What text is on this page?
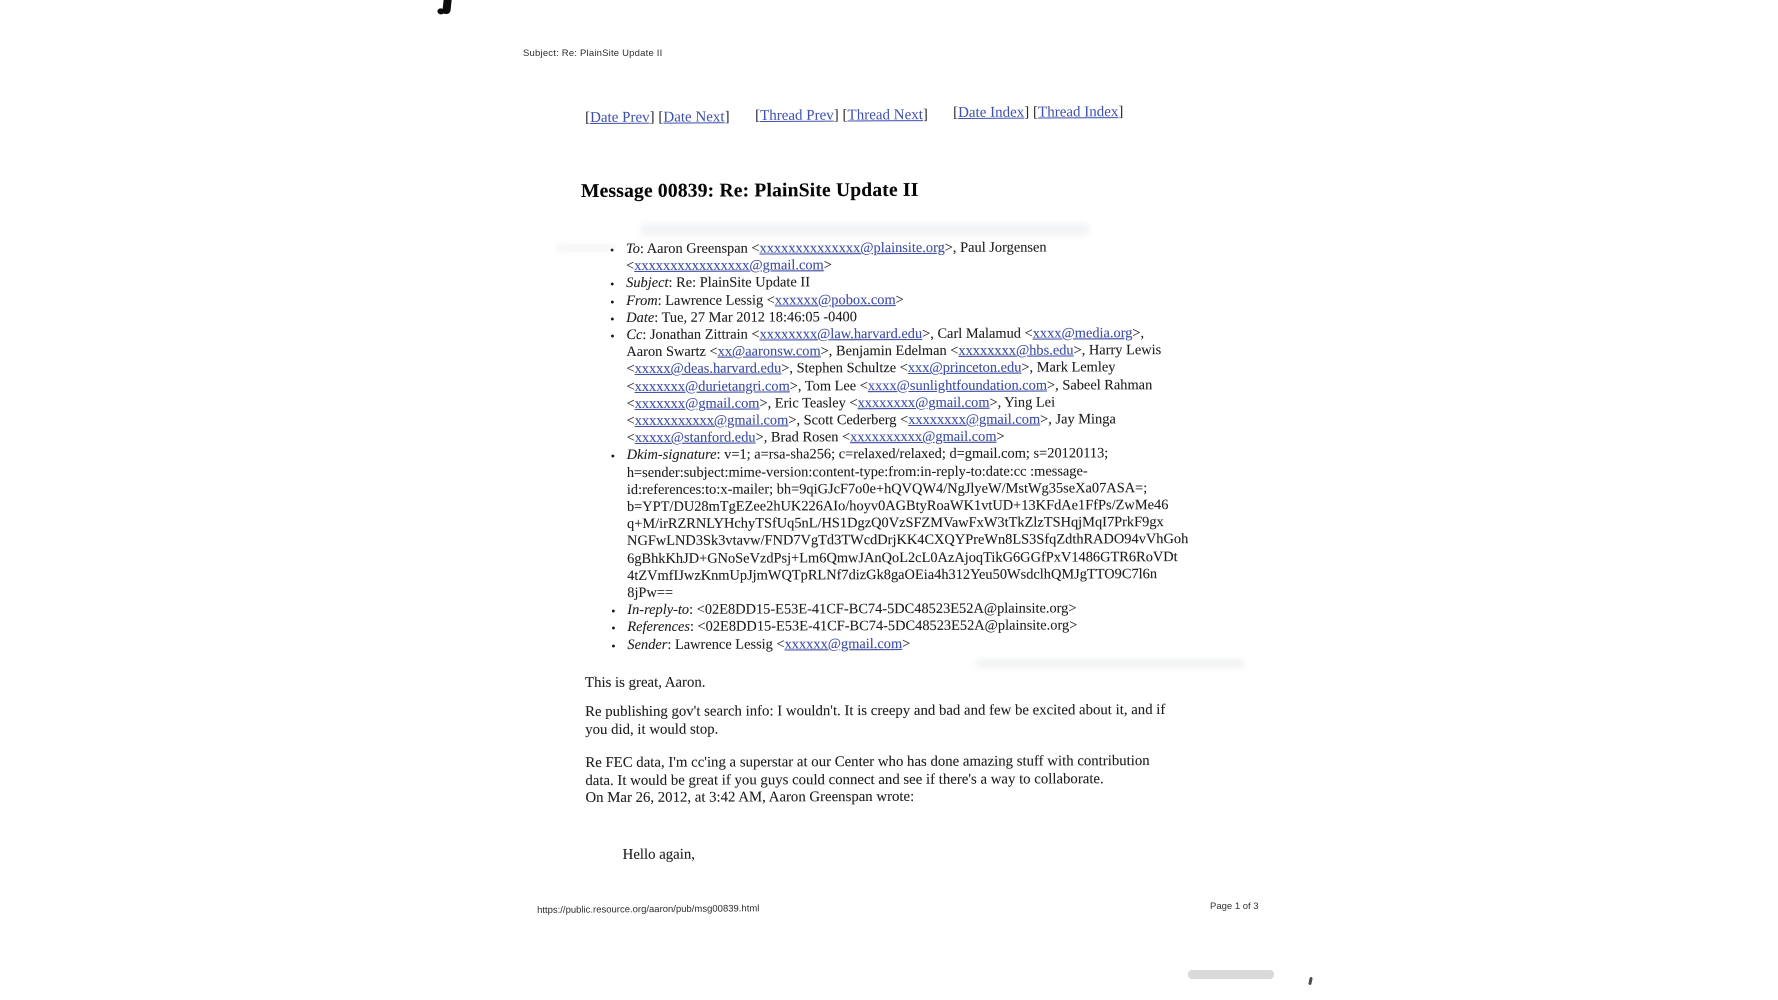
Subject: Re: PlainSite Update II
[Date Prev] [Date Next] [Thread Prev] [Thread Next] [Date Index] [Thread Index]
Message 00839: Re: PlainSite Update II
• To: Aaron Greenspan <xxxxxxxxxxxxxx@plainsite.org>, Paul Jorgensen
<xxxxxxxxxxxxxxxx@gmail.com>
• Subject: Re: PlainSite Update II
• From: Lawrence Lessig <xxxxxx@pobox.com>
• Date: Tue, 27 Mar 2012 18:46:05 -0400
• Cc: Jonathan Zittrain <xxxxxxxx@law.harvard.edu>, Carl Malamud <xxxx@media.org>,
Aaron Swartz <xx@aaronsw.com>, Benjamin Edelman <xxxxxxxx@hbs.edu>, Harry Lewis
<xxxxx@deas.harvard.edu>, Stephen Schultze <xxx@princeton.edu>, Mark Lemley
<xxxxxxx@durietangri.com>, Tom Lee <xxxx@sunlightfoundation.com>, Sabeel Rahman
<xxxxxxx@gmail.com>, Eric Teasley <xxxxxxxx@gmail.com>, Ying Lei
<xxxxxxxxxxx@gmail.com>, Scott Cederberg <xxxxxxxx@gmail.com>, Jay Minga
<xxxxx@stanford.edu>, Brad Rosen <xxxxxxxxxx@gmail.com>
• Dkim-signature: v=1; a=rsa-sha256; c=relaxed/relaxed; d=gmail.com; s=20120113;
h=sender:subject:mime-version:content-type:from:in-reply-to:date:cc :message-
id:references:to:x-mailer; bh=9qiGJcF7o0e+hQVQW4/NgJlyeW/MstWg35seXa07ASA=;
b=YPT/DU28mTgEZee2hUK226AIo/hoyv0AGBtyRoaWK1vtUD+13KFdAe1FfPs/ZwMe46
q+M/irRZRNLYHchyTSfUq5nL/HS1DgzQ0VzSFZMVawFxW3tTkZlzTSHqjMqI7PrkF9gx
NGFwLND3Sk3vtavw/FND7VgTd3TWcdDrjKK4CXQYPreWn8LS3SfqZdthRADO94vVhGoh
6gBhkKhJD+GNoSeVzdPsj+Lm6QmwJAnQoL2cL0AzAjoqTikG6GGfPxV1486GTR6RoVDt
4tZVmfIJwzKnmUpJjmWQTpRLNf7dizGk8gaOEia4h312Yeu50WsdclhQMJgTTO9C7l6n
8jPw==
• In-reply-to: <02E8DD15-E53E-41CF-BC74-5DC48523E52A@plainsite.org>
• References: <02E8DD15-E53E-41CF-BC74-5DC48523E52A@plainsite.org>
• Sender: Lawrence Lessig <xxxxxx@gmail.com>

This is great, Aaron.

Re publishing gov't search info: I wouldn't. It is creepy and bad and few be excited about it, and if
you did, it would stop.

Re FEC data, I'm cc'ing a superstar at our Center who has done amazing stuff with contribution
data. It would be great if you guys could connect and see if there's a way to collaborate.
On Mar 26, 2012, at 3:42 AM, Aaron Greenspan wrote:

Hello again,

https://public.resource.org/aaron/pub/msg00839.html	Page 1 of 3
